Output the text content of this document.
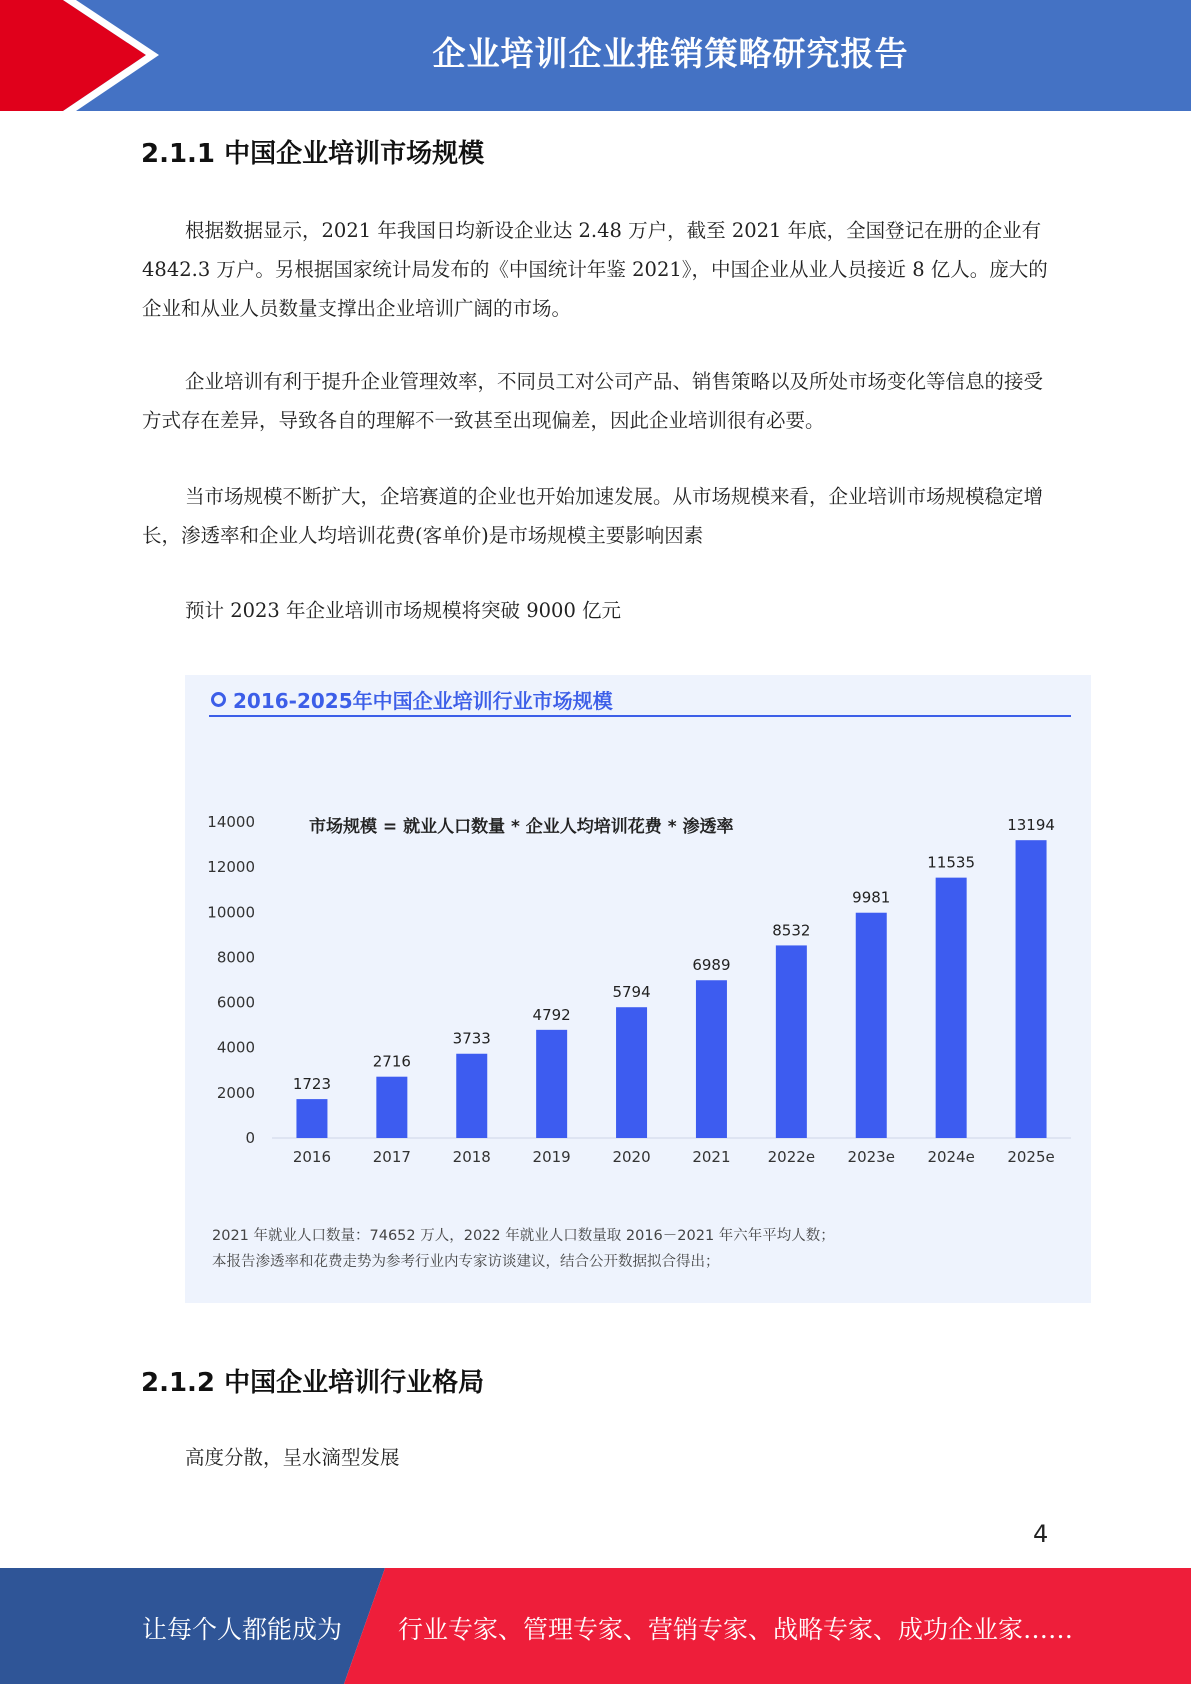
企业培训企业推销策略研究报告
2.1.1 中国企业培训市场规模

根据数据显示，2021 年我国日均新设企业达 2.48 万户，截至 2021 年底，全国登记在册的企业有 4842.3 万户。另根据国家统计局发布的《中国统计年鉴 2021》，中国企业从业人员接近 8 亿人。庞大的企业和从业人员数量支撑出企业培训广阔的市场。

企业培训有利于提升企业管理效率，不同员工对公司产品、销售策略以及所处市场变化等信息的接受方式存在差异，导致各自的理解不一致甚至出现偏差，因此企业培训很有必要。

当市场规模不断扩大，企培赛道的企业也开始加速发展。从市场规模来看，企业培训市场规模稳定增长，渗透率和企业人均培训花费(客单价)是市场规模主要影响因素

预计 2023 年企业培训市场规模将突破 9000 亿元

2016-2025年中国企业培训行业市场规模
0
2000
4000
6000
8000
10000
12000
14000	市场规模 = 就业人口数量 * 企业人均培训花费 * 渗透率
1723
2016
2716
2017
3733
2018
4792
2019
5794
2020
6989
2021
8532
2022e
9981
2023e
11535
2024e
13194
2025e
2021 年就业人口数量：74652 万人，2022 年就业人口数量取 2016－2021 年六年平均人数；
本报告渗透率和花费走势为参考行业内专家访谈建议，结合公开数据拟合得出；
2.1.2 中国企业培训行业格局

高度分散，呈水滴型发展

4
让每个人都能成为 行业专家、管理专家、营销专家、战略专家、成功企业家……
